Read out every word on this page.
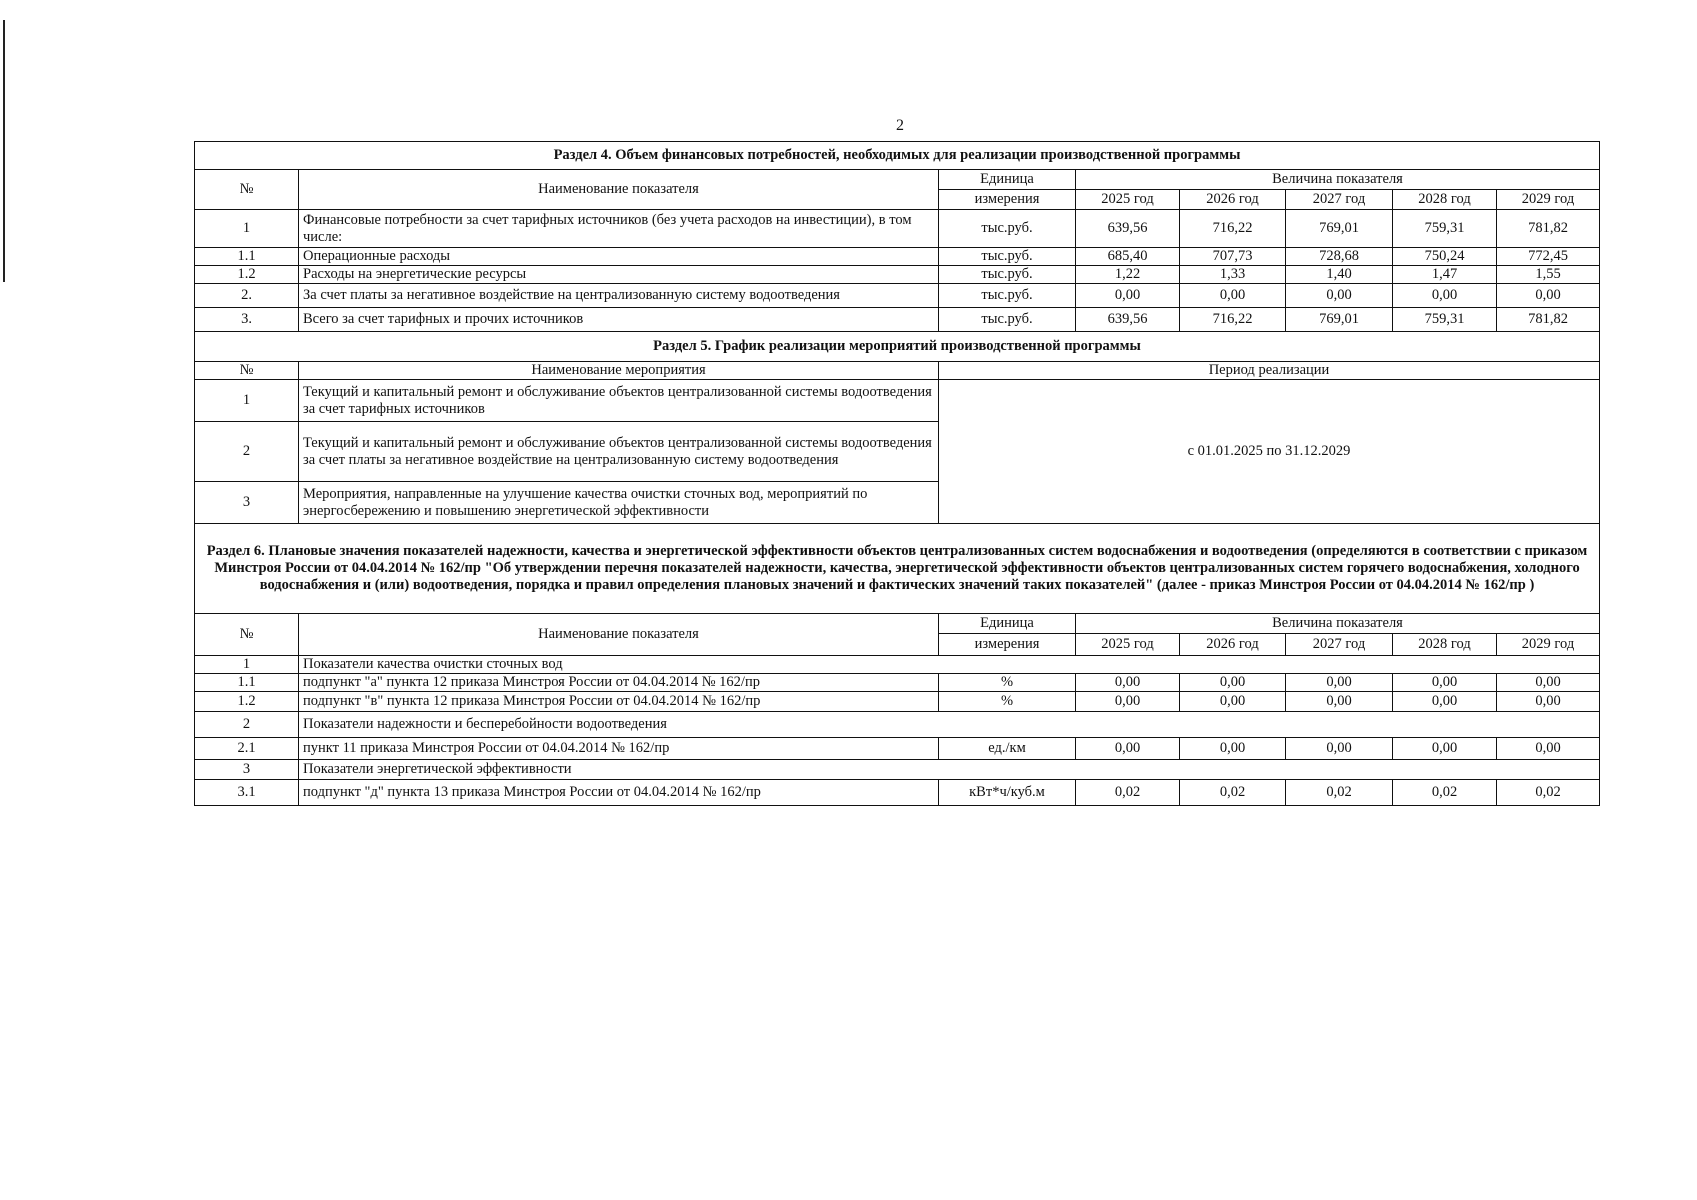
2
Раздел 4. Объем финансовых потребностей, необходимых для реализации производственной программы							
№	Наименование показателя	Единица	Величина показателя				
		измерения	2025 год	2026 год	2027 год	2028 год	2029 год
1	Финансовые потребности за счет тарифных источников (без учета расходов на инвестиции), в том числе:	тыс.руб.	639,56	716,22	769,01	759,31	781,82
1.1	Операционные расходы	тыс.руб.	685,40	707,73	728,68	750,24	772,45
1.2	Расходы на энергетические ресурсы	тыс.руб.	1,22	1,33	1,40	1,47	1,55
2.	За счет платы за негативное воздействие на централизованную систему водоотведения	тыс.руб.	0,00	0,00	0,00	0,00	0,00
3.	Всего за счет тарифных и прочих источников	тыс.руб.	639,56	716,22	769,01	759,31	781,82
Раздел 5. График реализации мероприятий производственной программы							
№	Наименование мероприятия	Период реализации					
1	Текущий и капитальный ремонт и обслуживание объектов централизованной системы водоотведения за счет тарифных источников	с 01.01.2025 по 31.12.2029					
2	Текущий и капитальный ремонт и обслуживание объектов централизованной системы водоотведения за счет платы за негативное воздействие на централизованную систему водоотведения						
3	Мероприятия, направленные на улучшение качества очистки сточных вод, мероприятий по энергосбережению и повышению энергетической эффективности						
Раздел 6. Плановые значения показателей надежности, качества и энергетической эффективности объектов централизованных систем водоснабжения и водоотведения (определяются в соответствии с приказом Минстроя России от 04.04.2014 № 162/пр "Об утверждении перечня показателей надежности, качества, энергетической эффективности объектов централизованных систем горячего водоснабжения, холодного водоснабжения и (или) водоотведения, порядка и правил определения плановых значений и фактических значений таких показателей" (далее - приказ Минстроя России от 04.04.2014 № 162/пр )							
№	Наименование показателя	Единица	Величина показателя				
		измерения	2025 год	2026 год	2027 год	2028 год	2029 год
1	Показатели качества очистки сточных вод						
1.1	подпункт "а" пункта 12 приказа Минстроя России от 04.04.2014 № 162/пр	%	0,00	0,00	0,00	0,00	0,00
1.2	подпункт "в" пункта 12 приказа Минстроя России от 04.04.2014 № 162/пр	%	0,00	0,00	0,00	0,00	0,00
2	Показатели надежности и бесперебойности водоотведения						
2.1	пункт 11 приказа Минстроя России от 04.04.2014 № 162/пр	ед./км	0,00	0,00	0,00	0,00	0,00
3	Показатели энергетической эффективности						
3.1	подпункт "д" пункта 13 приказа Минстроя России от 04.04.2014 № 162/пр	кВт*ч/куб.м	0,02	0,02	0,02	0,02	0,02
